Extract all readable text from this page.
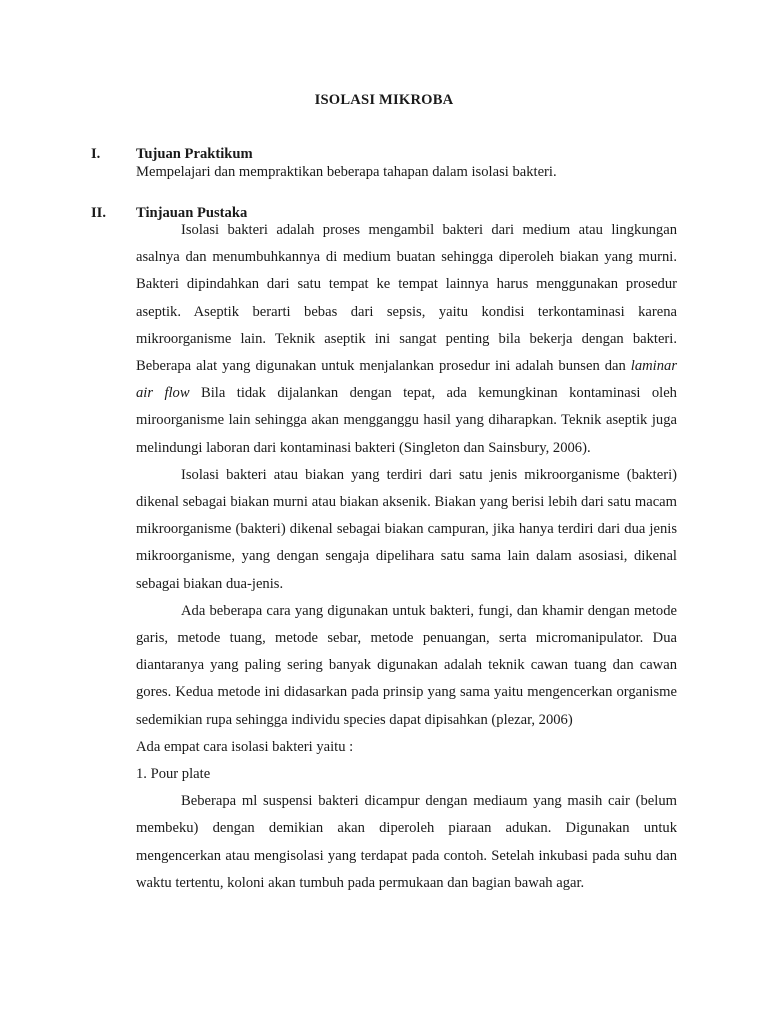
ISOLASI MIKROBA
I. Tujuan Praktikum
Mempelajari dan mempraktikan beberapa tahapan dalam isolasi bakteri.
II. Tinjauan Pustaka

Isolasi bakteri adalah proses mengambil bakteri dari medium atau lingkungan asalnya dan menumbuhkannya di medium buatan sehingga diperoleh biakan yang murni. Bakteri dipindahkan dari satu tempat ke tempat lainnya harus menggunakan prosedur aseptik. Aseptik berarti bebas dari sepsis, yaitu kondisi terkontaminasi karena mikroorganisme lain. Teknik aseptik ini sangat penting bila bekerja dengan bakteri. Beberapa alat yang digunakan untuk menjalankan prosedur ini adalah bunsen dan laminar air flow Bila tidak dijalankan dengan tepat, ada kemungkinan kontaminasi oleh miroorganisme lain sehingga akan mengganggu hasil yang diharapkan. Teknik aseptik juga melindungi laboran dari kontaminasi bakteri (Singleton dan Sainsbury, 2006).

Isolasi bakteri atau biakan yang terdiri dari satu jenis mikroorganisme (bakteri) dikenal sebagai biakan murni atau biakan aksenik. Biakan yang berisi lebih dari satu macam mikroorganisme (bakteri) dikenal sebagai biakan campuran, jika hanya terdiri dari dua jenis mikroorganisme, yang dengan sengaja dipelihara satu sama lain dalam asosiasi, dikenal sebagai biakan dua-jenis.

Ada beberapa cara yang digunakan untuk bakteri, fungi, dan khamir dengan metode garis, metode tuang, metode sebar, metode penuangan, serta micromanipulator. Dua diantaranya yang paling sering banyak digunakan adalah teknik cawan tuang dan cawan gores. Kedua metode ini didasarkan pada prinsip yang sama yaitu mengencerkan organisme sedemikian rupa sehingga individu species dapat dipisahkan (plezar, 2006)

Ada empat cara isolasi bakteri yaitu :

1. Pour plate

Beberapa ml suspensi bakteri dicampur dengan mediaum yang masih cair (belum membeku) dengan demikian akan diperoleh piaraan adukan. Digunakan untuk mengencerkan atau mengisolasi yang terdapat pada contoh. Setelah inkubasi pada suhu dan waktu tertentu, koloni akan tumbuh pada permukaan dan bagian bawah agar.
